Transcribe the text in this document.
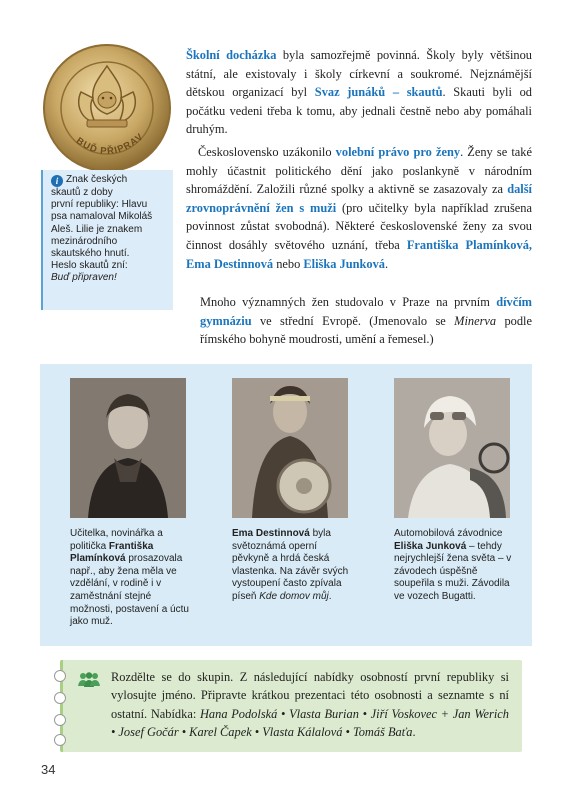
BUĎ PŘIPRAV
i Znak českých
skautů z doby
první republiky: Hlavu
psa namaloval Mikoláš
Aleš. Lilie je znakem
mezinárodního
skautského hnutí.
Heslo skautů zní:
Buď připraven!

Školní docházka byla samozřejmě povinná. Školy byly většinou státní, ale existovaly i školy církevní a soukromé. Nejznámější dětskou organizací byl Svaz junáků – skautů. Skauti byli od počátku vedeni třeba k tomu, aby jednali čestně nebo aby pomáhali druhým.

Československo uzákonilo volební právo pro ženy. Ženy se také mohly účastnit politického dění jako poslankyně v národním shromáždění. Založili různé spolky a aktivně se zasazovaly za další zrovnoprávnění žen s muži (pro učitelky byla například zrušena povinnost zůstat svobodná). Některé československé ženy za svou činnost dosáhly světového uznání, třeba Františka Plamínková, Ema Destinnová nebo Eliška Junková.

Mnoho významných žen studovalo v Praze na prvním dívčím gymnáziu ve střední Evropě. (Jmenovalo se Minerva podle římského bohyně moudrosti, umění a řemesel.)

Učitelka, novinářka a politička Františka Plamínková prosazovala např., aby žena měla ve vzdělání, v rodině i v zaměstnání stejné možnosti, postavení a úctu jako muž.
Ema Destinnová byla světoznámá operní pěvkyně a hrdá česká vlastenka. Na závěr svých vystoupení často zpívala píseň Kde domov můj.
Automobilová závodnice Eliška Junková – tehdy nejrychlejší žena světa – v závodech úspěšně soupeřila s muži. Závodila ve vozech Bugatti.
Rozdělte se do skupin. Z následující nabídky osobností první republiky si vylosujte jméno. Připravte krátkou prezentaci této osobnosti a seznamte s ní ostatní. Nabídka: Hana Podolská • Vlasta Burian • Jiří Voskovec + Jan Werich • Josef Gočár • Karel Čapek • Vlasta Kálalová • Tomáš Baťa.
34
